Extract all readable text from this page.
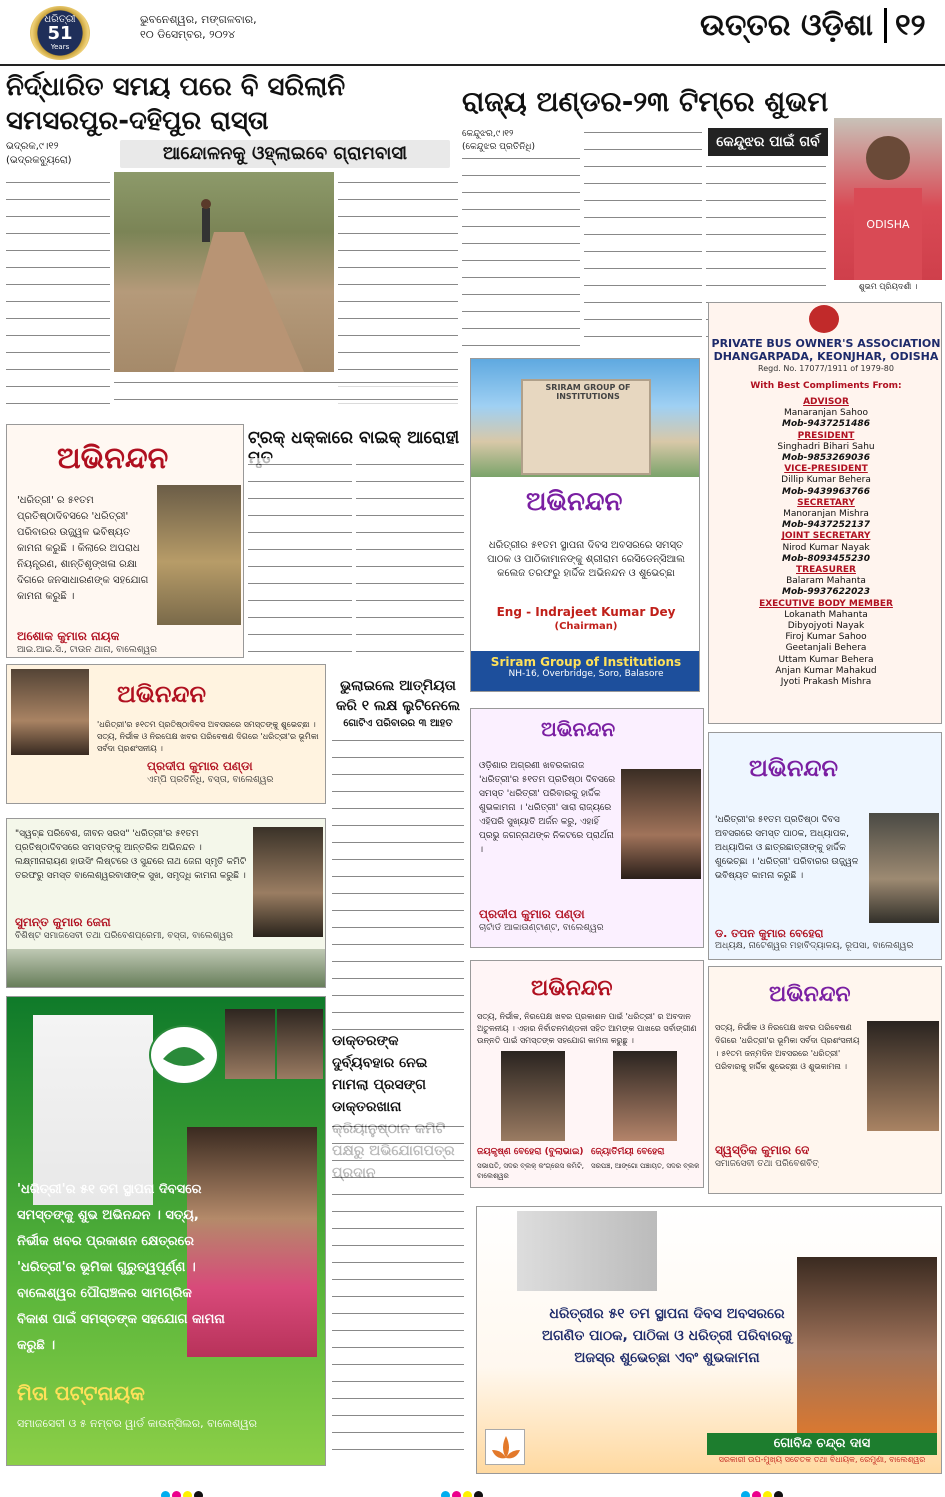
ଧରିତ୍ରୀ
51
Years
ଭୁବନେଶ୍ୱର, ମଙ୍ଗଳବାର,
୧୦ ଡିସେମ୍ବର, ୨୦୨୪	ଉତ୍ତର ଓଡ଼ିଶା ୧୨
ନିର୍ଦ୍ଧାରିତ ସମୟ ପରେ ବି ସରିଲାନି ସମସରପୁର-ଦହିପୁର ରାସ୍ତା
ଭଦ୍ରକ,୯।୧୨
(ଭଦ୍ରକବ୍ୟୁରୋ)	ଆନ୍ଦୋଳନକୁ ଓହ୍ଲାଇବେ ଗ୍ରାମବାସୀ
ରାଜ୍ୟ ଅଣ୍ଡର-୨୩ ଟିମ୍‌ରେ ଶୁଭମ
କେନ୍ଦୁଝର,୯।୧୨
(କେନ୍ଦୁଝର ପ୍ରତିନିଧି)	କେନ୍ଦୁଝର ପାଇଁ ଗର୍ବ
ODISHA
ଶୁଭମ ପ୍ରିୟଦର୍ଶୀ ।
SRIRAM GROUP OF INSTITUTIONS
ଅଭିନନ୍ଦନ
ଧରିତ୍ରୀର ୫୧ତମ ସ୍ଥାପନା ଦିବସ ଅବସରରେ ସମସ୍ତ ପାଠକ ଓ ପାଠିକାମାନଙ୍କୁ ଶ୍ରୀରାମ ରେସିଡେନ୍ସିଆଲ କଲେଜ ତରଫରୁ ହାର୍ଦ୍ଦିକ ଅଭିନନ୍ଦନ ଓ ଶୁଭେଚ୍ଛା
Eng - Indrajeet Kumar Dey
(Chairman)
Sriram Group of Institutions
NH-16, Overbridge, Soro, Balasore
PRIVATE BUS OWNER'S ASSOCIATION
DHANGARPADA, KEONJHAR, ODISHA
Regd. No. 17077/1911 of 1979-80
With Best Compliments From:
ADVISOR
Manaranjan Sahoo
Mob-9437251486
PRESIDENT
Singhadri Bihari Sahu
Mob-9853269036
VICE-PRESIDENT
Dillip Kumar Behera
Mob-9439963766
SECRETARY
Manoranjan Mishra
Mob-9437252137
JOINT SECRETARY
Nirod Kumar Nayak
Mob-8093455230
TREASURER
Balaram Mahanta
Mob-9937622023
EXECUTIVE BODY MEMBER
Lokanath Mahanta
Dibyojyoti Nayak
Firoj Kumar Sahoo
Geetanjali Behera
Uttam Kumar Behera
Anjan Kumar Mahakud
Jyoti Prakash Mishra
ଅଭିନନ୍ଦନ
'ଧରିତ୍ରୀ' ର ୫୧ତମ ପ୍ରତିଷ୍ଠାଦିବସରେ 'ଧରିତ୍ରୀ' ପରିବାରର ଉଜ୍ଜ୍ୱଳ ଭବିଷ୍ୟତ କାମନା କରୁଛି । କିଲାରେ ଅପରାଧ ନିୟନ୍ତ୍ରଣ, ଶାନ୍ତିଶୃଙ୍ଖଳା ରକ୍ଷା ଦିଗରେ ଜନସାଧାରଣଙ୍କ ସହଯୋଗ କାମନା କରୁଛି ।
ଅଶୋକ କୁମାର ନାୟକ
ଆଇ.ଆଇ.ସି., ଟାଉନ ଥାନା, ବାଲେଶ୍ୱର
ଟ୍ରକ୍ ଧକ୍କାରେ ବାଇକ୍ ଆରୋହୀ
ଅଭିନନ୍ଦନ
'ଧରିତ୍ରୀ'ର ୫୧ତମ ପ୍ରତିଷ୍ଠାଦିବସ ଅବସରରେ ସମସ୍ତଙ୍କୁ ଶୁଭେଚ୍ଛା । ସତ୍ୟ, ନିର୍ଭୀକ ଓ ନିରପେକ୍ଷ ଖବର ପରିବେଷଣ ଦିଗରେ 'ଧରିତ୍ରୀ'ର ଭୂମିକା ସର୍ବଦା ପ୍ରଶଂସନୀୟ ।
ପ୍ରଦୀପ କୁମାର ପଣ୍ଡା
ଏମ୍‌ପି ପ୍ରତିନିଧି, ବସ୍ତା, ବାଲେଶ୍ୱର
ଭୁଲାଇଲେ ଆତ୍ମିୟତା କରି ୧ ଲକ୍ଷ ଲୁଟିନେଲେ
ଗୋଟିଏ ପରିବାରର ୩ ଆହତ	ଅଭିନନ୍ଦନ
ଓଡ଼ିଶାର ଅଗ୍ରଣୀ ଖବରକାଗଜ 'ଧରିତ୍ରୀ'ର ୫୧ତମ ପ୍ରତିଷ୍ଠା ଦିବସରେ ସମସ୍ତ 'ଧରିତ୍ରୀ' ପରିବାରକୁ ହାର୍ଦ୍ଦିକ ଶୁଭକାମନା । 'ଧରିତ୍ରୀ' ସାରା ରାଜ୍ୟରେ ଏହିପରି ସୁଖ୍ୟାତି ଅର୍ଜନ କରୁ, ଏହାହିଁ ପ୍ରଭୁ ଜଗନ୍ନାଥଙ୍କ ନିକଟରେ ପ୍ରାର୍ଥନା ।
ପ୍ରଦୀପ କୁମାର ପଣ୍ଡା
ଚାର୍ଟାର୍ଡ ଆକାଉଣ୍ଟାଣ୍ଟ, ବାଲେଶ୍ୱର
ଅଭିନନ୍ଦନ
'ଧରିତ୍ରୀ'ର ୫୧ତମ ପ୍ରତିଷ୍ଠା ଦିବସ ଅବସରରେ ସମସ୍ତ ପାଠକ, ଅଧ୍ୟାପକ, ଅଧ୍ୟାପିକା ଓ ଛାତ୍ରଛାତ୍ରୀଙ୍କୁ ହାର୍ଦ୍ଦିକ ଶୁଭେଚ୍ଛା । 'ଧରିତ୍ରୀ' ପରିବାରର ଉଜ୍ଜ୍ୱଳ ଭବିଷ୍ୟତ କାମନା କରୁଛି ।
ଡ. ତପନ କୁମାର ବେହେରା
ଅଧ୍ୟକ୍ଷ, ନାଟେଶ୍ୱର ମହାବିଦ୍ୟାଳୟ, ରୂପସା, ବାଲେଶ୍ୱର
"ସ୍ୱଚ୍ଛ ପରିବେଶ, ଜୀବନ ସରସ" 'ଧରିତ୍ରୀ'ର ୫୧ତମ ପ୍ରତିଷ୍ଠାଦିବସରେ ସମସ୍ତଙ୍କୁ ଆନ୍ତରିକ ଅଭିନନ୍ଦନ । ଲକ୍ଷ୍ମୀନାରାୟଣ ହାଉସିଂ ଲିଷ୍ଟରେ ଓ ସୁନ୍ଦରେ ନାଥ ଜେନା ସ୍ମୃତି କମିଟି ତରଫରୁ ସମସ୍ତ ବାଲେଶ୍ୱରବାସୀଙ୍କ ସୁଖ, ସମୃଦ୍ଧି କାମନା କରୁଛି ।
ସୁମନ୍ତ କୁମାର ଜେନା
ବିଶିଷ୍ଟ ସମାଜସେବୀ ତଥା ପରିବେଶପ୍ରେମୀ, ବସ୍ତା, ବାଲେଶ୍ୱର
'ଧରିତ୍ରୀ'ର ୫୧ ତମ ସ୍ଥାପନା ଦିବସରେ ସମସ୍ତଙ୍କୁ ଶୁଭ ଅଭିନନ୍ଦନ । ସତ୍ୟ, ନିର୍ଭୀକ ଖବର ପ୍ରକାଶନ କ୍ଷେତ୍ରରେ 'ଧରିତ୍ରୀ'ର ଭୂମିକା ଗୁରୁତ୍ୱପୂର୍ଣ୍ଣ । ବାଲେଶ୍ୱର ପୌରାଞ୍ଚଳର ସାମଗ୍ରିକ ବିକାଶ ପାଇଁ ସମସ୍ତଙ୍କ ସହଯୋଗ କାମନା କରୁଛି ।
ମିତା ପଟ୍ଟନାୟକ
ସମାଜସେବୀ ଓ ୫ ନମ୍ବର ୱାର୍ଡ କାଉନ୍‌ସିଲର, ବାଲେଶ୍ୱର
ଡାକ୍ତରଙ୍କ ଦୁର୍ବ୍ୟବହାର ନେଇ ମାମଲା ପ୍ରସଙ୍ଗ ଡାକ୍ତରଖାନା
ଅଭିନନ୍ଦନ
ସତ୍ୟ, ନିର୍ଭୀକ, ନିରପେକ୍ଷ ଖବର ପ୍ରକାଶନ ପାଇଁ 'ଧରିତ୍ରୀ' ର ଅବଦାନ ଅତୁଳନୀୟ । ଏହାର ନିର୍ବାଚନମଣ୍ଡଳୀ ସହିତ ଆମଙ୍କ ପାଖରେ ସର୍ବାଙ୍ଗୀଣ ଉନ୍ନତି ପାଇଁ ସମସ୍ତଙ୍କ ସହଯୋଗ କାମନା କରୁଛୁ ।
ଜୟକୃଷ୍ଣ ବେହେରା (ବୁଲାଭାଇ)
ସଭାପତି, ସଦର ବ୍ଲକ୍ କଂଗ୍ରେସ କମିଟି, ବାଲେଶ୍ୱର
ଜ୍ୟୋତିର୍ମୟୀ ବେହେରା
ସରପଞ୍ଚ, ଆଙ୍ଗୋ ପଞ୍ଚାୟତ, ସଦର ବ୍ଲକ
ଅଭିନନ୍ଦନ
ସତ୍ୟ, ନିର୍ଭୀକ ଓ ନିରପେକ୍ଷ ଖବର ପରିବେଷଣ ଦିଗରେ 'ଧରିତ୍ରୀ'ର ଭୂମିକା ସର୍ବଦା ପ୍ରଶଂସନୀୟ । ୫୧ତମ ଜନ୍ମଦିନ ଅବସରରେ 'ଧରିତ୍ରୀ' ପରିବାରକୁ ହାର୍ଦ୍ଦିକ ଶୁଭେଚ୍ଛା ଓ ଶୁଭକାମନା ।
ସ୍ୱସ୍ତିକ କୁମାର ଦେ
ସମାଜସେବୀ ତଥା ପରିବେଶବିତ୍
ଧରିତ୍ରୀର ୫୧ ତମ ସ୍ଥାପନା ଦିବସ ଅବସରରେ ଅଗଣିତ ପାଠକ, ପାଠିକା ଓ ଧରିତ୍ରୀ ପରିବାରକୁ ଅଜସ୍ର ଶୁଭେଚ୍ଛା ଏବଂ ଶୁଭକାମନା
ଗୋବିନ୍ଦ ଚନ୍ଦ୍ର ଦାସ
ସରକାରୀ ଉପ-ମୁଖ୍ୟ ସଚେତକ ତଥା ବିଧାୟକ, ରେମୁଣା, ବାଲେଶ୍ୱର
